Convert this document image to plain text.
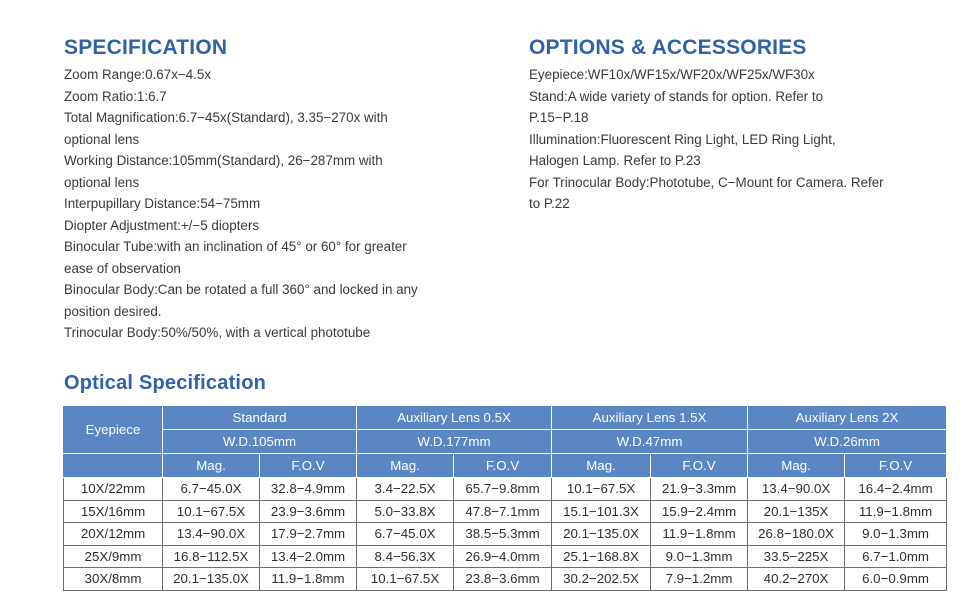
SPECIFICATION

Zoom Range:0.67x−4.5x

Zoom Ratio:1:6.7

Total Magnification:6.7−45x(Standard), 3.35−270x with

optional lens

Working Distance:105mm(Standard), 26−287mm with

optional lens

Interpupillary Distance:54−75mm

Diopter Adjustment:+/−5 diopters

Binocular Tube:with an inclination of 45° or 60° for greater

ease of observation

Binocular Body:Can be rotated a full 360° and locked in any

position desired.

Trinocular Body:50%/50%, with a vertical phototube

OPTIONS & ACCESSORIES

Eyepiece:WF10x/WF15x/WF20x/WF25x/WF30x

Stand:A wide variety of stands for option. Refer to

P.15−P.18

Illumination:Fluorescent Ring Light, LED Ring Light,

Halogen Lamp. Refer to P.23

For Trinocular Body:Phototube, C−Mount for Camera. Refer

to P.22

Optical Specification
Eyepiece	Standard		Auxiliary Lens 0.5X		Auxiliary Lens 1.5X		Auxiliary Lens 2X	
	W.D.105mm		W.D.177mm		W.D.47mm		W.D.26mm	
	Mag.	F.O.V	Mag.	F.O.V	Mag.	F.O.V	Mag.	F.O.V
10X/22mm	6.7−45.0X	32.8−4.9mm	3.4−22.5X	65.7−9.8mm	10.1−67.5X	21.9−3.3mm	13.4−90.0X	16.4−2.4mm
15X/16mm	10.1−67.5X	23.9−3.6mm	5.0−33.8X	47.8−7.1mm	15.1−101.3X	15.9−2.4mm	20.1−135X	11.9−1.8mm
20X/12mm	13.4−90.0X	17.9−2.7mm	6.7−45.0X	38.5−5.3mm	20.1−135.0X	11.9−1.8mm	26.8−180.0X	9.0−1.3mm
25X/9mm	16.8−112.5X	13.4−2.0mm	8.4−56.3X	26.9−4.0mm	25.1−168.8X	9.0−1.3mm	33.5−225X	6.7−1.0mm
30X/8mm	20.1−135.0X	11.9−1.8mm	10.1−67.5X	23.8−3.6mm	30.2−202.5X	7.9−1.2mm	40.2−270X	6.0−0.9mm
